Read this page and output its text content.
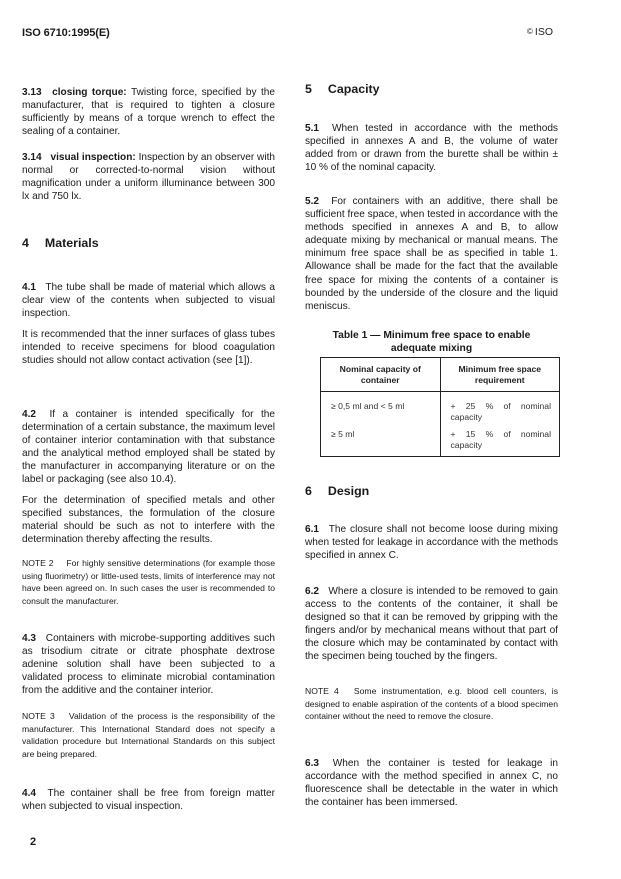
ISO 6710:1995(E)	© ISO

3.13 closing torque: Twisting force, specified by the manufacturer, that is required to tighten a closure sufficiently by means of a torque wrench to effect the sealing of a container.

3.14 visual inspection: Inspection by an observer with normal or corrected-to-normal vision without magnification under a uniform illuminance between 300 lx and 750 lx.

4 Materials

4.1 The tube shall be made of material which allows a clear view of the contents when subjected to visual inspection.

It is recommended that the inner surfaces of glass tubes intended to receive specimens for blood coagulation studies should not allow contact activation (see [1]).

4.2 If a container is intended specifically for the determination of a certain substance, the maximum level of container interior contamination with that substance and the analytical method employed shall be stated by the manufacturer in accompanying literature or on the label or packaging (see also 10.4).

For the determination of specified metals and other specified substances, the formulation of the closure material should be such as not to interfere with the determination thereby affecting the results.

NOTE 2 For highly sensitive determinations (for example those using fluorimetry) or little-used tests, limits of interference may not have been agreed on. In such cases the user is recommended to consult the manufacturer.

4.3 Containers with microbe-supporting additives such as trisodium citrate or citrate phosphate dextrose adenine solution shall have been subjected to a validated process to eliminate microbial contamination from the additive and the container interior.

NOTE 3 Validation of the process is the responsibility of the manufacturer. This International Standard does not specify a validation procedure but International Standards on this subject are being prepared.

4.4 The container shall be free from foreign matter when subjected to visual inspection.

5 Capacity

5.1 When tested in accordance with the methods specified in annexes A and B, the volume of water added from or drawn from the burette shall be within ± 10 % of the nominal capacity.

5.2 For containers with an additive, there shall be sufficient free space, when tested in accordance with the methods specified in annexes A and B, to allow adequate mixing by mechanical or manual means. The minimum free space shall be as specified in table 1. Allowance shall be made for the fact that the available free space for mixing the contents of a container is bounded by the underside of the closure and the liquid meniscus.

Table 1 — Minimum free space to enable
adequate mixing
Nominal capacity of container	Minimum free space requirement
≥ 0,5 ml and < 5 ml	+ 25 % of nominal capacity
≥ 5 ml	+ 15 % of nominal capacity
6 Design

6.1 The closure shall not become loose during mixing when tested for leakage in accordance with the methods specified in annex C.

6.2 Where a closure is intended to be removed to gain access to the contents of the container, it shall be designed so that it can be removed by gripping with the fingers and/or by mechanical means without that part of the closure which may be contaminated by contact with the specimen being touched by the fingers.

NOTE 4 Some instrumentation, e.g. blood cell counters, is designed to enable aspiration of the contents of a blood specimen container without the need to remove the closure.

6.3 When the container is tested for leakage in accordance with the method specified in annex C, no fluorescence shall be detectable in the water in which the container has been immersed.

2
